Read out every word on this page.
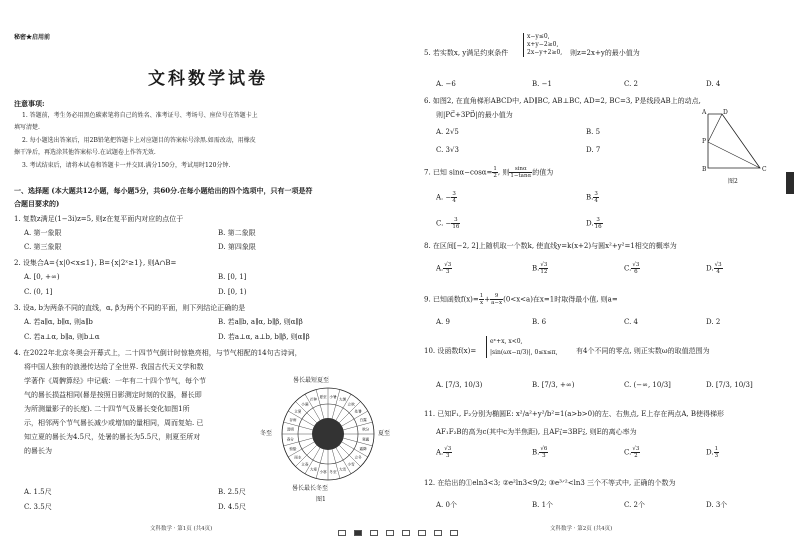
秘密★启用前
文科数学试卷
注意事项:
1. 答题前，考生务必用黑色碳素笔将自己的姓名、准考证号、考场号、座位号在答题卡上
填写清楚.
2. 每小题选出答案后，用2B铅笔把答题卡上对应题目的答案标号涂黑.如需改动，用橡皮
擦干净后，再选涂其他答案标号.在试题卷上作答无效.
3. 考试结束后，请将本试卷和答题卡一并交回.满分150分，考试用时120分钟.
一、选择题 (本大题共12小题，每小题5分，共60分.在每小题给出的四个选项中，只有一项是符
合题目要求的)
1. 复数z满足(1−3i)z=5, 则z在复平面内对应的点位于
A. 第一象限	B. 第二象限
C. 第三象限	D. 第四象限
2. 设集合A={x|0<x≤1}, B={x|2ˣ≥1}, 则A∩B=
A. [0, +∞)	B. [0, 1]
C. (0, 1]	D. [0, 1)
3. 设a, b为两条不同的直线，α, β为两个不同的平面，则下列结论正确的是
A. 若a∥α, b∥α, 则a∥b	B. 若a∥b, a∥α, b∥β, 则α∥β
C. 若a⊥α, b∥a, 则b⊥α	D. 若a⊥α, a⊥b, b∥β, 则α∥β
4. 在2022年北京冬奥会开幕式上，二十四节气倒计时惊艳亮相，与节气相配的14句古诗词，
将中国人独有的浪漫传达给了全世界. 我国古代天文学和数
学著作《周髀算经》中记载：一年有二十四个节气，每个节
气的晷长损益相同(晷是按照日影测定时刻的仪器，晷长即
为所测量影子的长度). 二十四节气及晷长变化如图1所
示，相邻两个节气晷长减少或增加的量相同，周而复始. 已
知立夏的晷长为4.5尺，处暑的晷长为5.5尺，则夏至所对
的晷长为
A. 1.5尺	B. 2.5尺
C. 3.5尺	D. 4.5尺
晷长最短夏至
小暑
大暑
立秋
处暑
白露
秋分
寒露
霜降
立冬
小雪
大雪
冬至
小寒
大寒
立春
雨水
惊蛰
春分
清明
谷雨
立夏
小满
芒种
夏至
冬至	夏至
晷长最长冬至
图1
文科数学 · 第1页 (共4页)
5. 若实数x, y满足约束条件
x−y≤0,
x+y−2≥0,
2x−y+2≥0, 则z=2x+y的最小值为
A. −6	B. −1	C. 2	D. 4
6. 如图2, 在直角梯形ABCD中, AD∥BC, AB⊥BC, AD=2, BC=3, P是线段AB上的动点,
则|PC⃗+3PD⃗|的最小值为
A. 2√5	B. 5
C. 3√3	D. 7
A	D
P
B	C
图2
7. 已知 $\sin\alpha-\cos\alpha= \frac{1}{2}$ , 则 $\frac{\sin\alpha}{1-\tan\alpha}$ 的值为
A. − $\frac{3}{4}$	B. $\frac{3}{4}$
C. − $\frac{3}{16}$	D. $\frac{3}{16}$
8. 在区间[−2, 2]上随机取一个数k, 使直线y=k(x+2)与圆x²+y²=1相交的概率为
A. $\frac{√3}{3}$	B. $\frac{√3}{12}$	C. $\frac{√3}{6}$	D. $\frac{√3}{4}$
9. 已知函数$f(x)= \frac{1}{x} + \frac{9}{a-x} (0<x<a)$在x=1时取得最小值, 则a=
A. 9	B. 6	C. 4	D. 2
10. 设函数f(x)=
eˣ+x, x<0,
|sin(ωx−π/3)|, 0≤x≤π,	有4个不同的零点, 则正实数ω的取值范围为
A. [7/3, 10/3)	B. [7/3, +∞)	C. (−∞, 10/3]	D. [7/3, 10/3]
11. 已知F₁, F₂分别为椭圆E: x²/a²+y²/b²=1(a>b>0)的左、右焦点, E上存在两点A, B使得梯形
AF₁F₂B的高为c(其中c为半焦距), 且AF₁⃗=3BF₂⃗, 则E的离心率为
A. $\frac{√3}{3}$	B. $\frac{√6}{3}$	C. $\frac{√3}{2}$	D. $\frac{1}{3}$
12. 在给出的①eln3<3; ②e²ln3<9/2; ③e³ᐟ²<ln3 三个不等式中, 正确的个数为
A. 0个	B. 1个	C. 2个	D. 3个
文科数学 · 第2页 (共4页)
